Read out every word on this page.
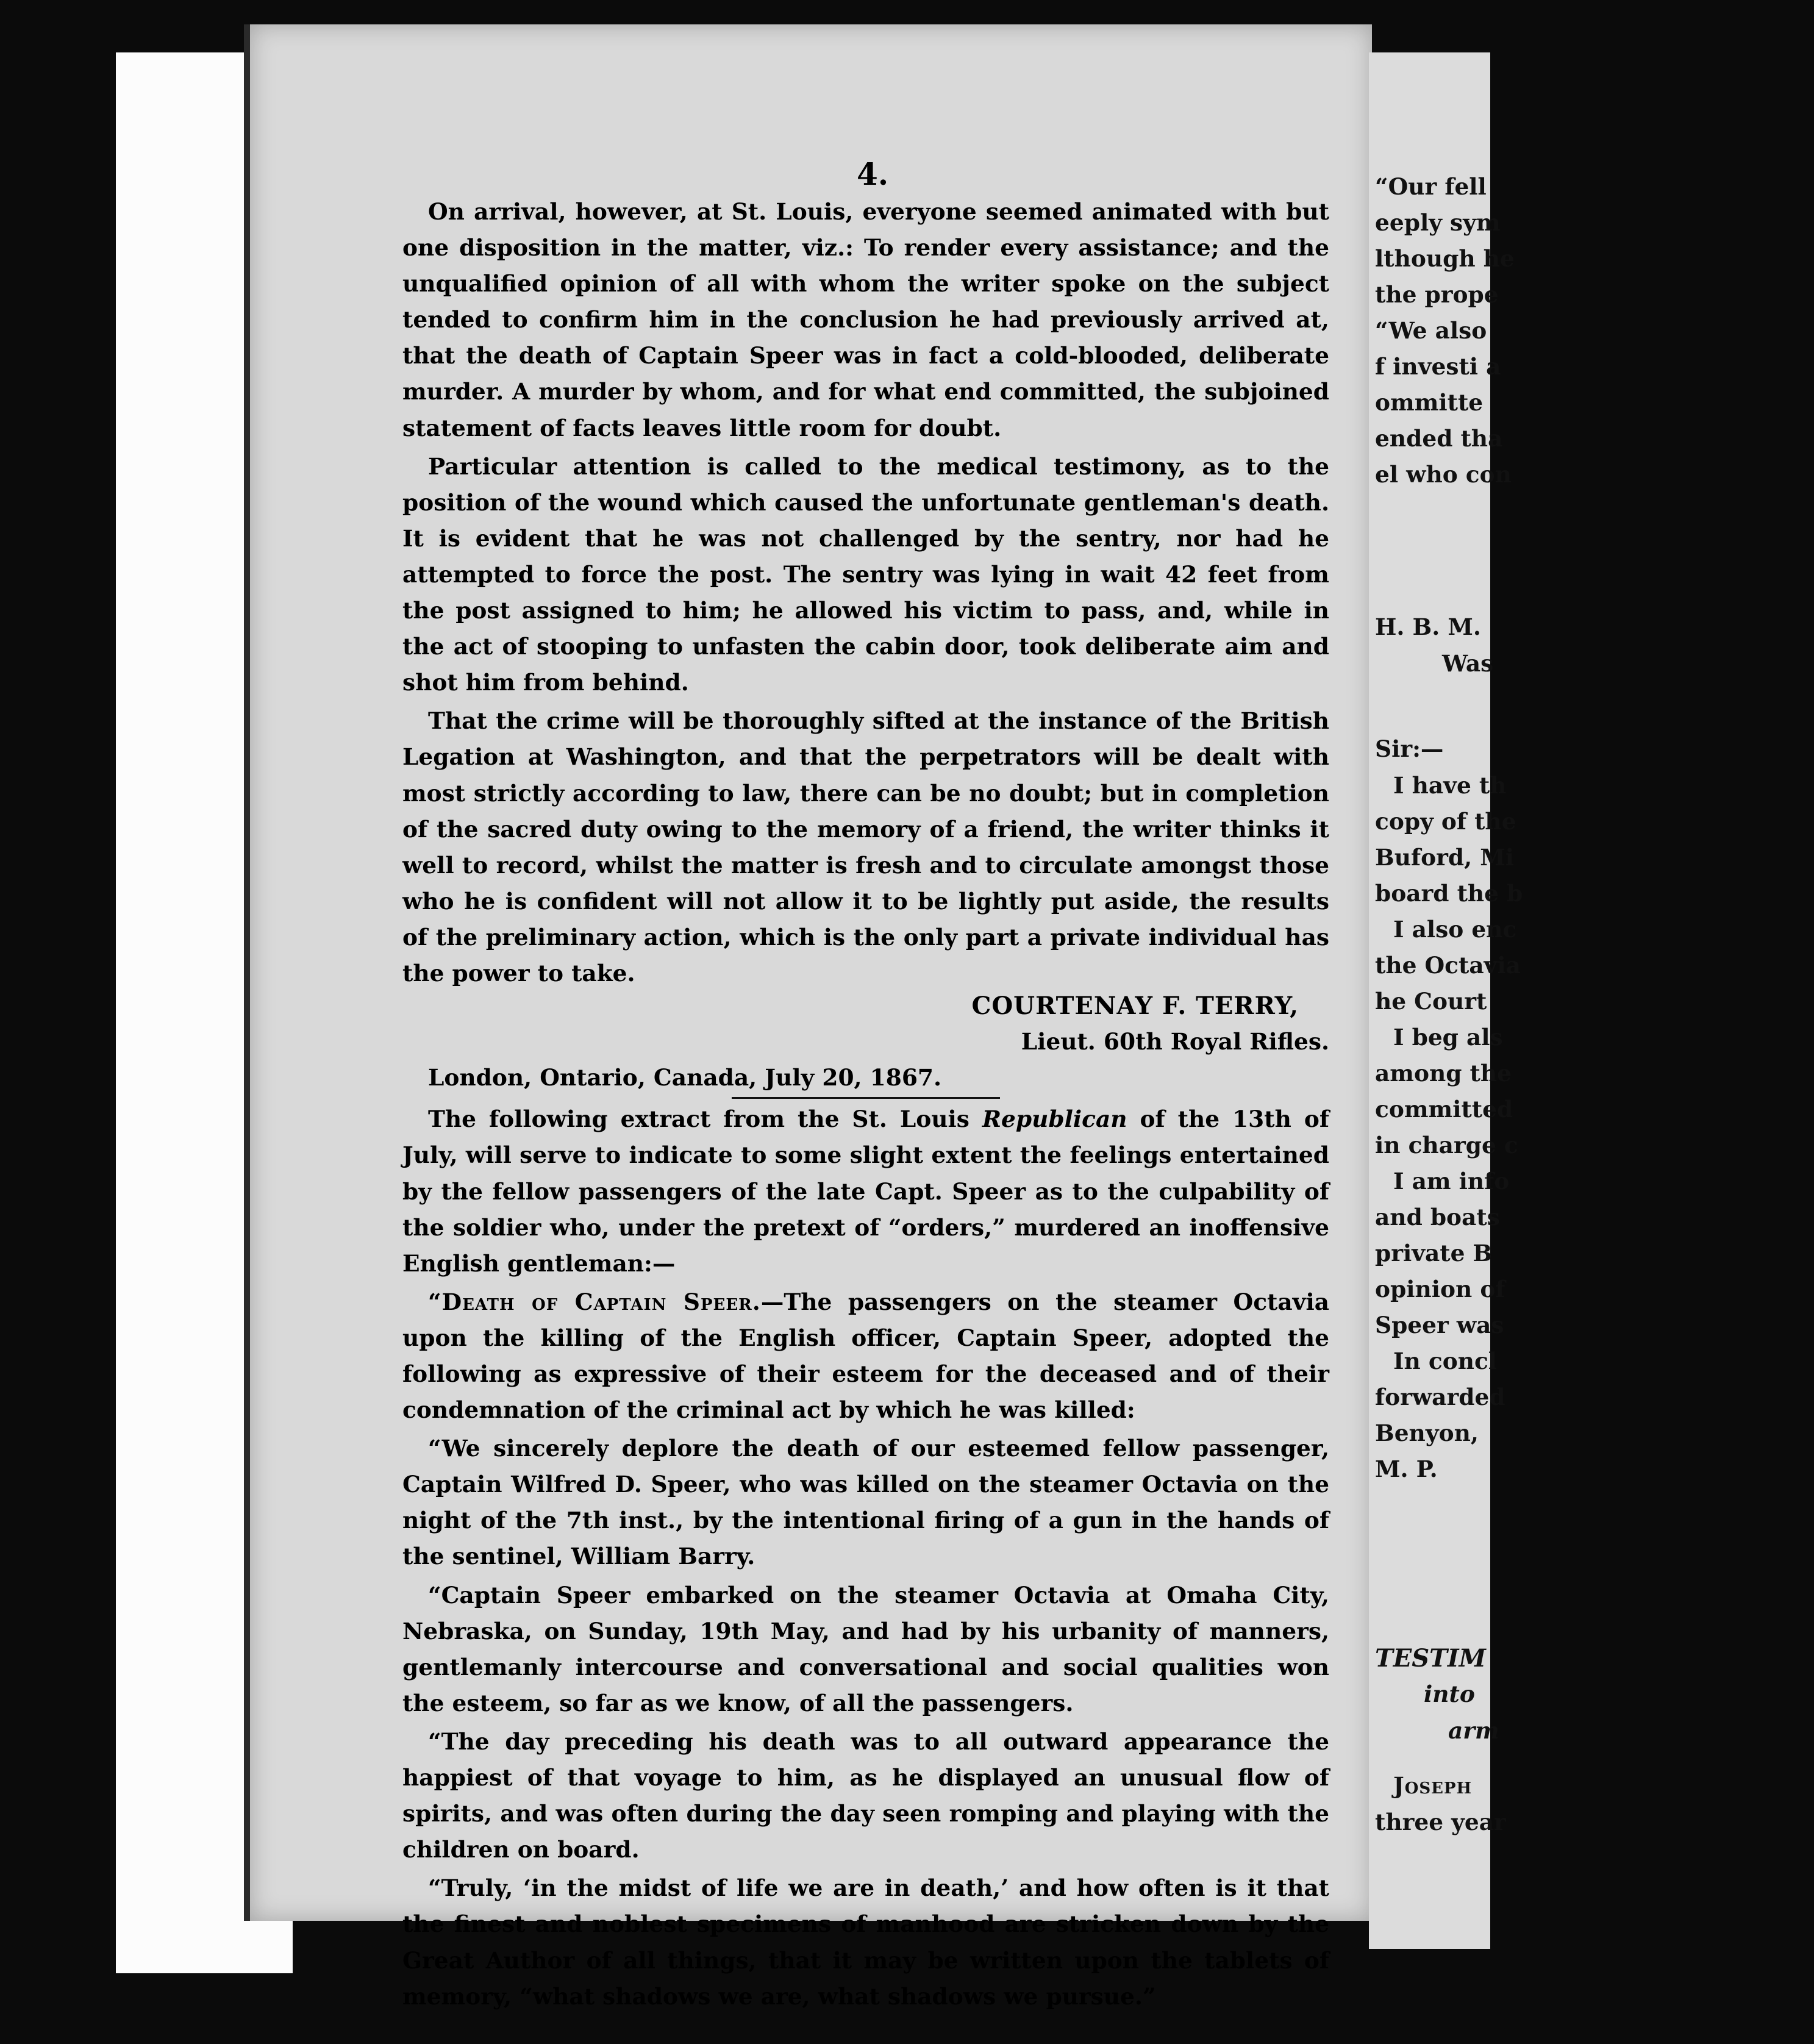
4.

On arrival, however, at St. Louis, everyone seemed animated with but one disposition in the matter, viz.: To render every assistance; and the unqualified opinion of all with whom the writer spoke on the subject tended to confirm him in the conclusion he had previously arrived at, that the death of Captain Speer was in fact a cold-blooded, deliberate murder. A murder by whom, and for what end committed, the subjoined statement of facts leaves little room for doubt.

Particular attention is called to the medical testimony, as to the position of the wound which caused the unfortunate gentleman's death. It is evident that he was not challenged by the sentry, nor had he attempted to force the post. The sentry was lying in wait 42 feet from the post assigned to him; he allowed his victim to pass, and, while in the act of stooping to unfasten the cabin door, took deliberate aim and shot him from behind.

That the crime will be thoroughly sifted at the instance of the British Legation at Washington, and that the perpetrators will be dealt with most strictly according to law, there can be no doubt; but in completion of the sacred duty owing to the memory of a friend, the writer thinks it well to record, whilst the matter is fresh and to circulate amongst those who he is confident will not allow it to be lightly put aside, the results of the preliminary action, which is the only part a private individual has the power to take.

COURTENAY F. TERRY,
Lieut. 60th Royal Rifles.

London, Ontario, Canada, July 20, 1867.

The following extract from the St. Louis Republican of the 13th of July, will serve to indicate to some slight extent the feelings entertained by the fellow passengers of the late Capt. Speer as to the culpability of the soldier who, under the pretext of “orders,” murdered an inoffensive English gentleman:—

“Death of Captain Speer.—The passengers on the steamer Octavia upon the killing of the English officer, Captain Speer, adopted the following as expressive of their esteem for the deceased and of their condemnation of the criminal act by which he was killed:

“We sincerely deplore the death of our esteemed fellow passenger, Captain Wilfred D. Speer, who was killed on the steamer Octavia on the night of the 7th inst., by the intentional firing of a gun in the hands of the sentinel, William Barry.

“Captain Speer embarked on the steamer Octavia at Omaha City, Nebraska, on Sunday, 19th May, and had by his urbanity of manners, gentlemanly intercourse and conversational and social qualities won the esteem, so far as we know, of all the passengers.

“The day preceding his death was to all outward appearance the happiest of that voyage to him, as he displayed an unusual flow of spirits, and was often during the day seen romping and playing with the children on board.

“Truly, ‘in the midst of life we are in death,’ and how often is it that the finest and noblest specimens of manhood are stricken down by the Great Author of all things, that it may be written upon the tablets of memory, “what shadows we are, what shadows we pursue.”

“Our fell
eeply sym
lthough he
the prope
“We also
f investi a
ommitte
ended tha
el who con
H. B. M.
Was
Sir:—
I have th
copy of the
Buford, Mi
board the b
I also enc
the Octavia
he Court
I beg als
among the
committed
in charge c
I am info
and boats
private B
opinion of
Speer was
In concl
forwarded
Benyon,
M. P.
TESTIM
into
arm
Joseph
three year
